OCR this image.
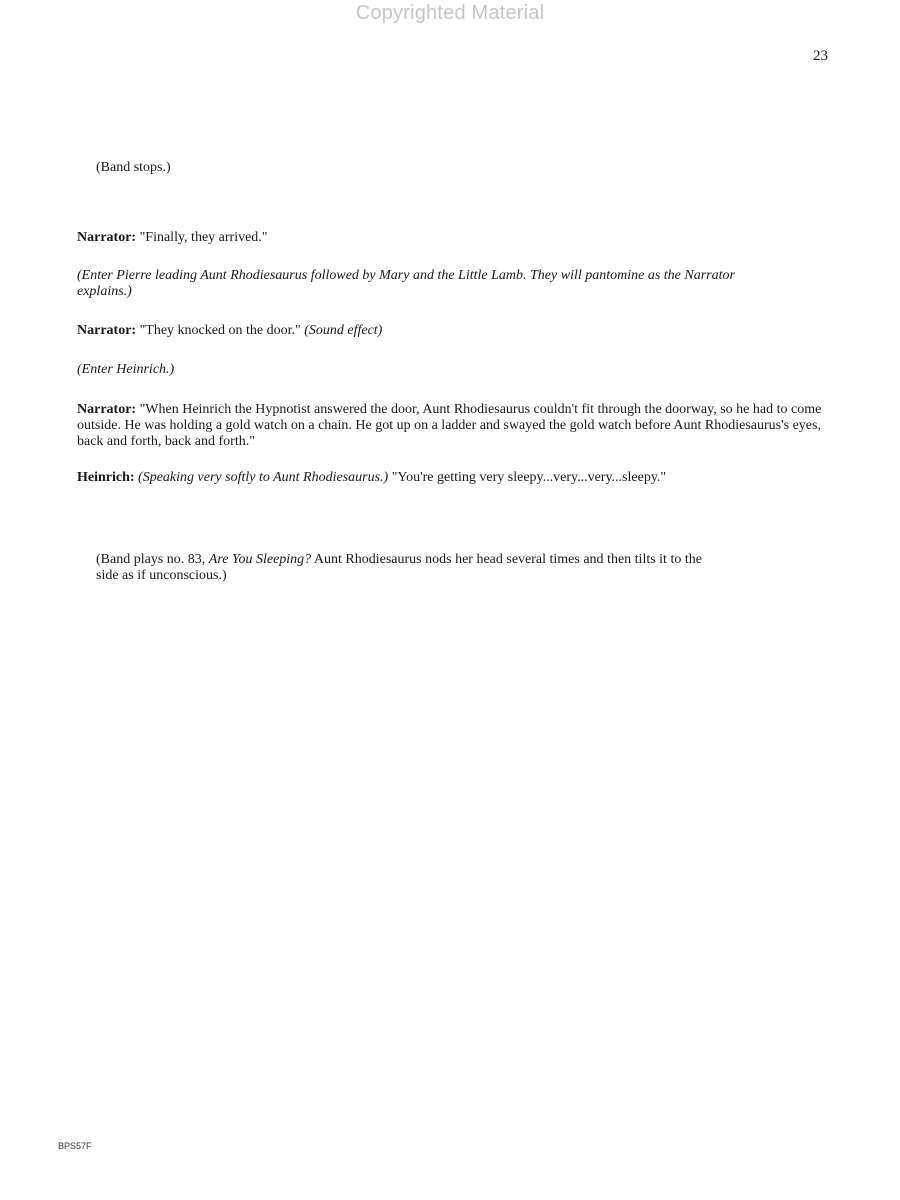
Copyrighted Material
23
(Band stops.)
Narrator: "Finally, they arrived."
(Enter Pierre leading Aunt Rhodiesaurus followed by Mary and the Little Lamb. They will pantomine as the Narrator explains.)
Narrator: "They knocked on the door." (Sound effect)
(Enter Heinrich.)
Narrator: "When Heinrich the Hypnotist answered the door, Aunt Rhodiesaurus couldn't fit through the doorway, so he had to come outside. He was holding a gold watch on a chain. He got up on a ladder and swayed the gold watch before Aunt Rhodiesaurus's eyes, back and forth, back and forth."
Heinrich: (Speaking very softly to Aunt Rhodiesaurus.) "You're getting very sleepy...very...very...sleepy."
(Band plays no. 83, Are You Sleeping? Aunt Rhodiesaurus nods her head several times and then tilts it to the side as if unconscious.)
BPS57F
